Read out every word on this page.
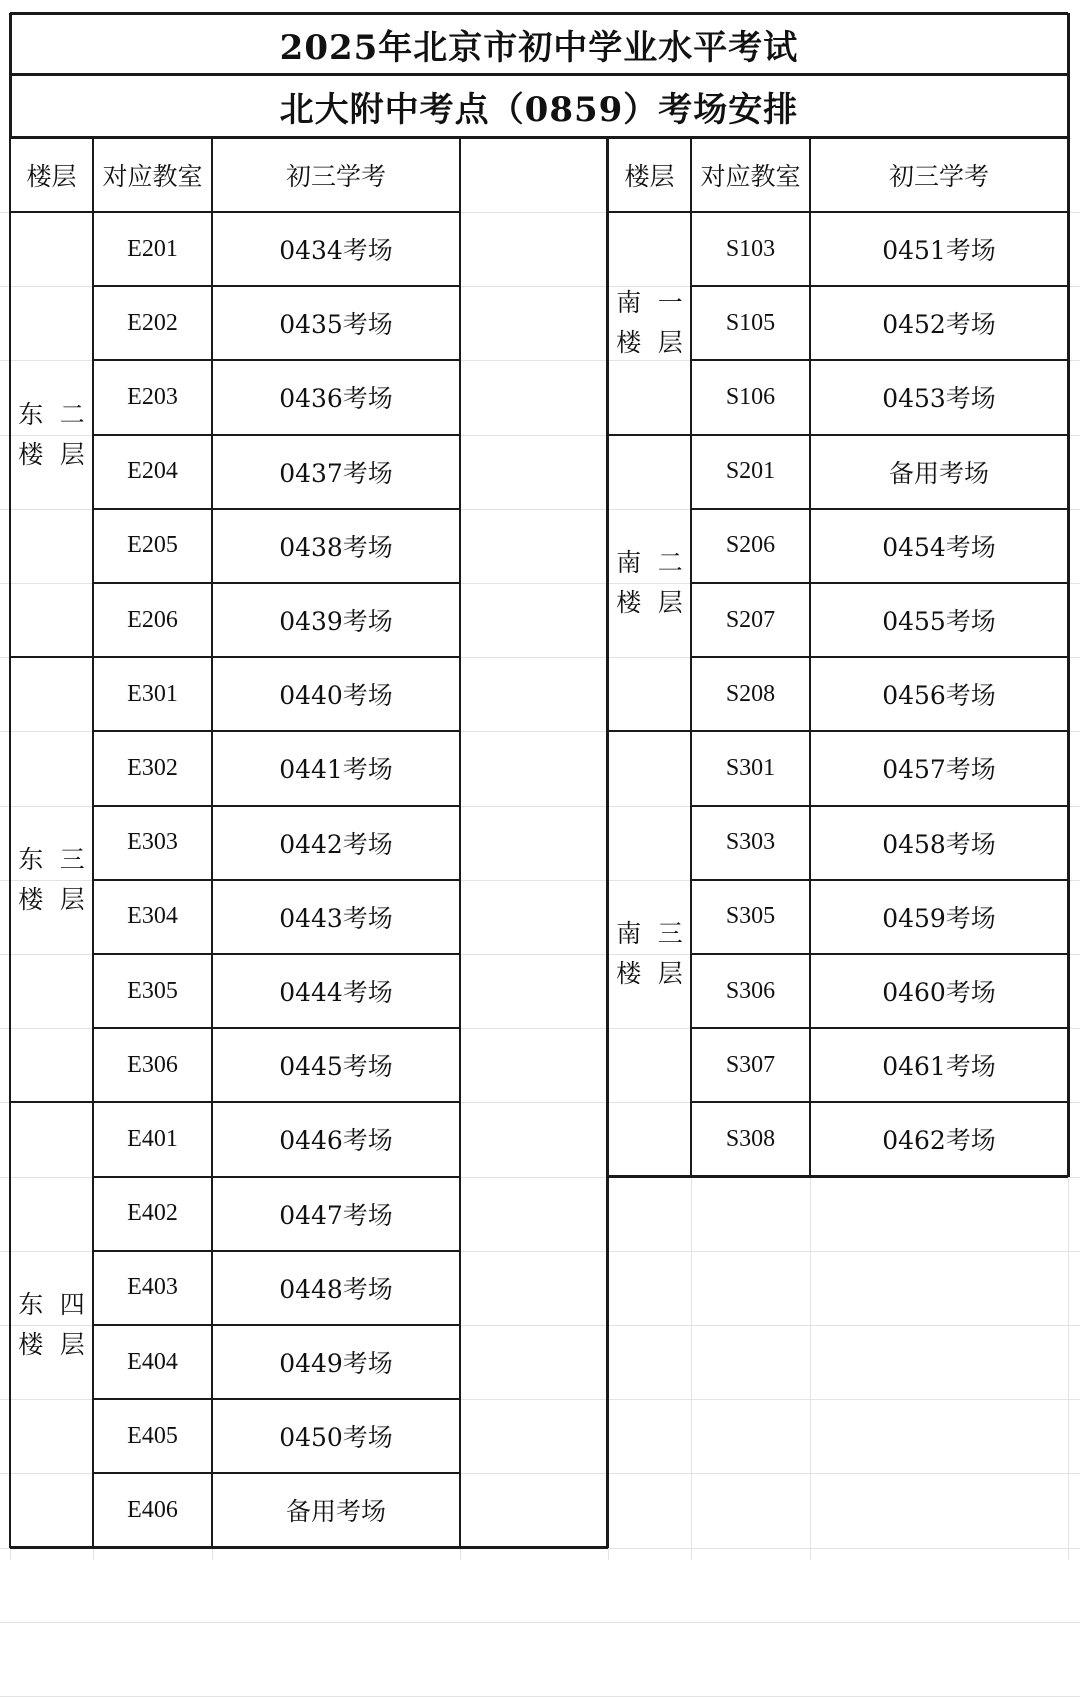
2025年北京市初中学业水平考试
北大附中考点（0859）考场安排
楼层	对应教室	初三学考
东楼
二层
E201	0434考场
E202	0435考场
E203	0436考场
E204	0437考场
E205	0438考场
E206	0439考场
东楼
三层
E301	0440考场
E302	0441考场
E303	0442考场
E304	0443考场
E305	0444考场
E306	0445考场
东楼
四层
E401	0446考场
E402	0447考场
E403	0448考场
E404	0449考场
E405	0450考场
E406	备用考场
楼层	对应教室	初三学考
南楼
一层
S103	0451考场
S105	0452考场
S106	0453考场
南楼
二层
S201	备用考场
S206	0454考场
S207	0455考场
S208	0456考场
南楼
三层
S301	0457考场
S303	0458考场
S305	0459考场
S306	0460考场
S307	0461考场
S308	0462考场
